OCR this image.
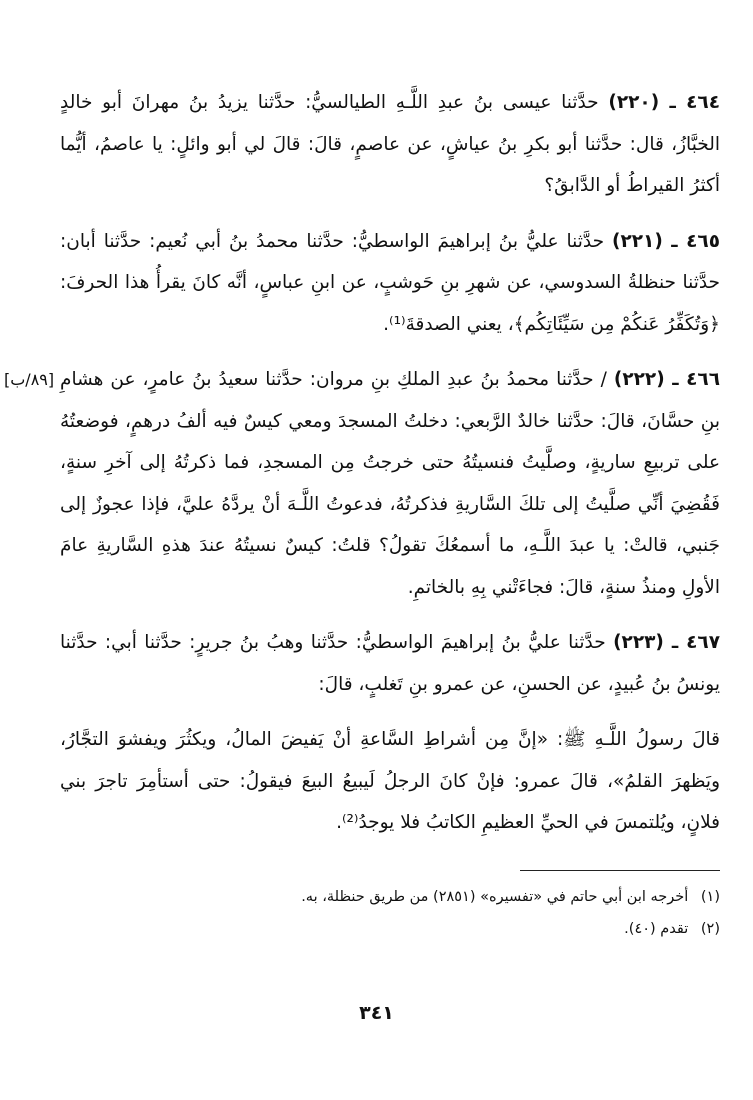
٤٦٤ ـ (٢٢٠) حدَّثنا عيسى بنُ عبدِ اللَّـهِ الطيالسيُّ: حدَّثنا يزيدُ بنُ مهرانَ أبو خالدٍ الخبَّازُ، قال: حدَّثنا أبو بكرِ بنُ عياشٍ، عن عاصمٍ، قالَ: قالَ لي أبو وائلٍ: يا عاصمُ، أيُّما أكثرُ القيراطُ أو الدَّابقُ؟

٤٦٥ ـ (٢٢١) حدَّثنا عليُّ بنُ إبراهيمَ الواسطيُّ: حدَّثنا محمدُ بنُ أبي نُعيم: حدَّثنا أبان: حدَّثنا حنظلةُ السدوسي، عن شهرِ بنِ حَوشبٍ، عن ابنِ عباسٍ، أنَّه كانَ يقرأُ هذا الحرفَ: ﴿وَتُكَفِّرُ عَنكُمْ مِن سَيِّئَاتِكُم﴾، يعني الصدقةَ⁽¹⁾.

[٨٩/ب]	٤٦٦ ـ (٢٢٢) / حدَّثنا محمدُ بنُ عبدِ الملكِ بنِ مروان: حدَّثنا سعيدُ بنُ عامرٍ، عن هشامِ بنِ حسَّانَ، قالَ: حدَّثنا خالدٌ الرَّبعي: دخلتُ المسجدَ ومعي كيسٌ فيه ألفُ درهمٍ، فوضعتُهُ على تربيعِ ساريةٍ، وصلَّيتُ فنسيتُهُ حتى خرجتُ مِن المسجدِ، فما ذكرتُهُ إلى آخرِ سنةٍ، فَقُضِيَ أنِّي صلَّيتُ إلى تلكَ السَّاريةِ فذكرتُهُ، فدعوتُ اللَّـهَ أنْ يردَّهُ عليَّ، فإذا عجوزٌ إلى جَنبي، قالتْ: يا عبدَ اللَّـهِ، ما أسمعُكَ تقولُ؟ قلتُ: كيسٌ نسيتُهُ عندَ هذهِ السَّاريةِ عامَ الأولِ ومنذُ سنةٍ، قالَ: فجاءَتْني بِهِ بالخاتمِ.

٤٦٧ ـ (٢٢٣) حدَّثنا عليُّ بنُ إبراهيمَ الواسطيُّ: حدَّثنا وهبُ بنُ جريرٍ: حدَّثنا أبي: حدَّثنا يونسُ بنُ عُبيدٍ، عن الحسنِ، عن عمرو بنِ تَغلبٍ، قالَ:

قالَ رسولُ اللَّـهِ ﷺ: «إنَّ مِن أشراطِ السَّاعةِ أنْ يَفيضَ المالُ، ويكثُرَ ويفشوَ التجَّارُ، ويَظهرَ القلمُ»، قالَ عمرو: فإنْ كانَ الرجلُ لَيبيعُ البيعَ فيقولُ: حتى أستأمِرَ تاجرَ بني فلانٍ، ويُلتمسَ في الحيِّ العظيمِ الكاتبُ فلا يوجدُ⁽²⁾.

(١) أخرجه ابن أبي حاتم في «تفسيره» (٢٨٥١) من طريق حنظلة، به.

(٢) تقدم (٤٠).

٣٤١
